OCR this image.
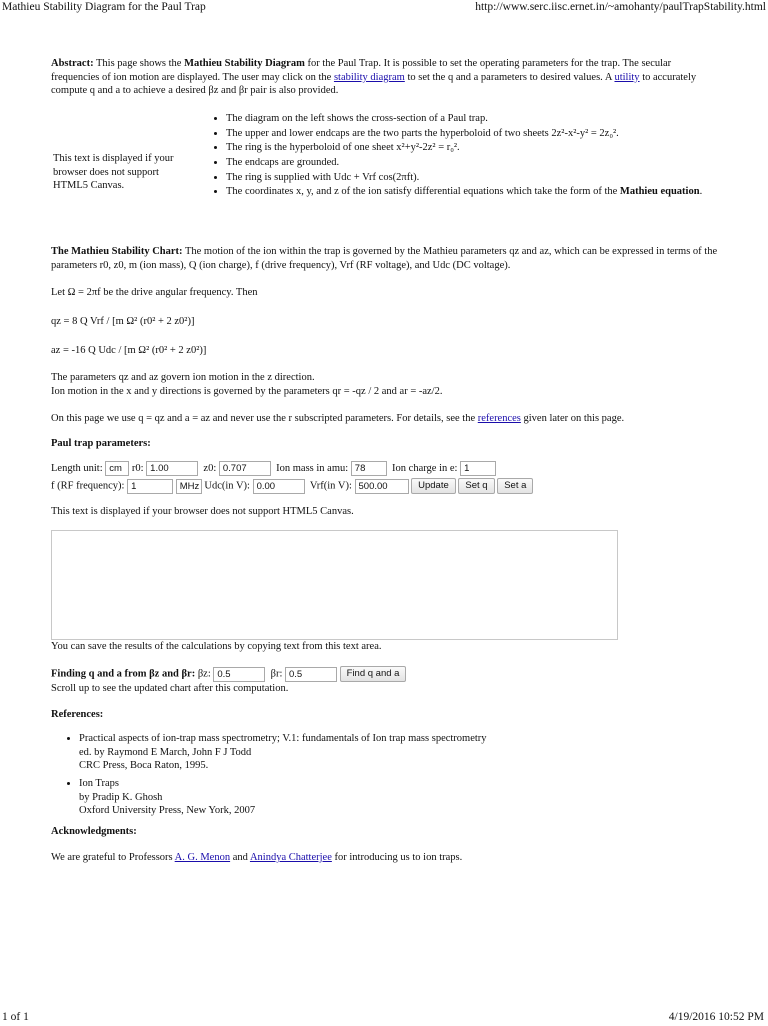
Mathieu Stability Diagram for the Paul Trap	http://www.serc.iisc.ernet.in/~amohanty/paulTrapStability.html
Abstract: This page shows the Mathieu Stability Diagram for the Paul Trap. It is possible to set the operating parameters for the trap. The secular frequencies of ion motion are displayed. The user may click on the stability diagram to set the q and a parameters to desired values. A utility to accurately compute q and a to achieve a desired βz and βr pair is also provided.
This text is displayed if your browser does not support HTML5 Canvas.
• The diagram on the left shows the cross-section of a Paul trap.
• The upper and lower endcaps are the two parts the hyperboloid of two sheets 2z²-x²-y² = 2z₀².
• The ring is the hyperboloid of one sheet x²+y²-2z² = r₀².
• The endcaps are grounded.
• The ring is supplied with Udc + Vrf cos(2πft).
• The coordinates x, y, and z of the ion satisfy differential equations which take the form of the Mathieu equation.
The Mathieu Stability Chart: The motion of the ion within the trap is governed by the Mathieu parameters qz and az, which can be expressed in terms of the parameters r0, z0, m (ion mass), Q (ion charge), f (drive frequency), Vrf (RF voltage), and Udc (DC voltage).
Let Ω = 2πf be the drive angular frequency. Then
qz = 8 Q Vrf / [m Ω² (r0² + 2 z0²)]
az = -16 Q Udc / [m Ω² (r0² + 2 z0²)]
The parameters qz and az govern ion motion in the z direction.
Ion motion in the x and y directions is governed by the parameters qr = -qz / 2 and ar = -az/2.
On this page we use q = qz and a = az and never use the r subscripted parameters. For details, see the references given later on this page.
Paul trap parameters:
Length unit: cm r0: 1.00	z0: 0.707	Ion mass in amu: 78	Ion charge in e: 1
f (RF frequency): 1	MHz Udc(in V): 0.00	Vrf(in V): 500.00	Update Set q Set a
This text is displayed if your browser does not support HTML5 Canvas.
You can save the results of the calculations by copying text from this text area.
Finding q and a from βz and βr: βz: 0.5	βr: 0.5	Find q and a
Scroll up to see the updated chart after this computation.
References:
• Practical aspects of ion-trap mass spectrometry; V.1: fundamentals of Ion trap mass spectrometry
ed. by Raymond E March, John F J Todd
CRC Press, Boca Raton, 1995.
• Ion Traps
by Pradip K. Ghosh
Oxford University Press, New York, 2007
Acknowledgments:
We are grateful to Professors A. G. Menon and Anindya Chatterjee for introducing us to ion traps.
1 of 1	4/19/2016 10:52 PM
